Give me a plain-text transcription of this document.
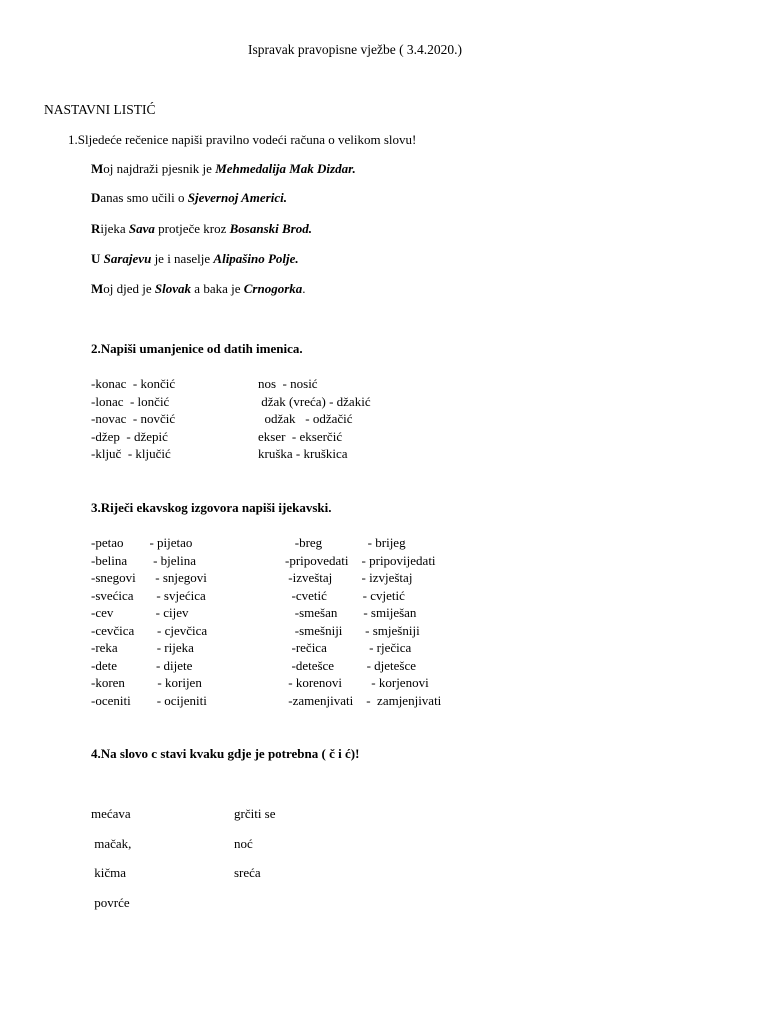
Ispravak pravopisne vježbe ( 3.4.2020.)
NASTAVNI LISTIĆ
1.Sljedeće rečenice napiši pravilno vodeći računa o velikom slovu!
Moj najdraži pjesnik je Mehmedalija Mak Dizdar.
Danas smo učili o Sjevernoj Americi.
Rijeka Sava protječe kroz Bosanski Brod.
U Sarajevu je i naselje Alipašino Polje.
Moj djed je Slovak a baka je Crnogorka.
2.Napiši umanjenice od datih imenica.
-konac  - končić
-lonac  - lončić
-novac  - novčić
-džep  - džepić
-ključ  - ključić
nos  - nosić
džak (vreća) - džakić
odžak   - odžačić
ekser  - ekserčić
kruška - kruškica
3.Riječi ekavskog izgovora napiši ijekavski.
-petao        - pijetao
-belina        - bjelina
-snegovi      - snjegovi
-svećica       - svjećica
-cev             - cijev
-cevčica       - cjevčica
-reka            - rijeka
-dete            - dijete
-koren          - korijen
-oceniti        - ocijeniti
-breg              - brijeg
-pripovedati    - pripovijedati
-izveštaj         - izvještaj
-cvetić           - cvjetić
-smešan        - smiješan
-smešniji       - smješniji
-rečica             - rječica
-detešce          - djetešce
- korenovi         - korjenovi
-zamenjivati    -  zamjenjivati
4.Na slovo c stavi kvaku gdje je potrebna ( č i ć)!
mećava
mačak,
kičma
povrće
grčiti se
noć
sreća
